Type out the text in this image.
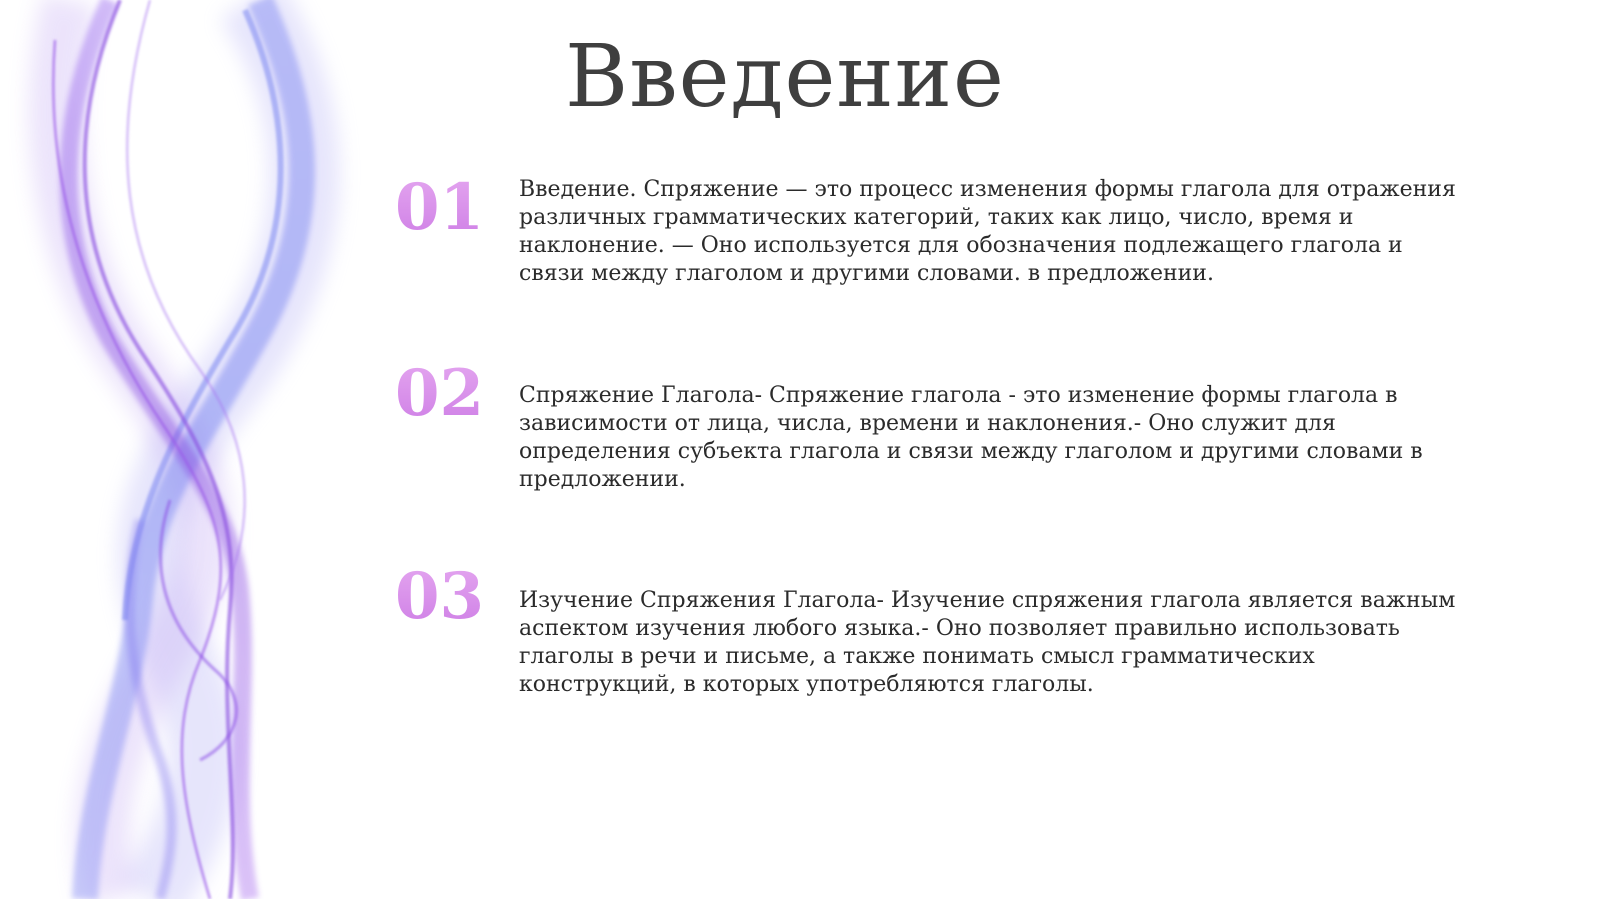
Введение
01	Введение. Спряжение — это процесс изменения формы глагола для отражения различных грамматических категорий, таких как лицо, число, время и наклонение. — Оно используется для обозначения подлежащего глагола и связи между глаголом и другими словами. в предложении.
02	Спряжение Глагола- Спряжение глагола - это изменение формы глагола в зависимости от лица, числа, времени и наклонения.- Оно служит для определения субъекта глагола и связи между глаголом и другими словами в предложении.
03	Изучение Спряжения Глагола- Изучение спряжения глагола является важным аспектом изучения любого языка.- Оно позволяет правильно использовать глаголы в речи и письме, а также понимать смысл грамматических конструкций, в которых употребляются глаголы.
